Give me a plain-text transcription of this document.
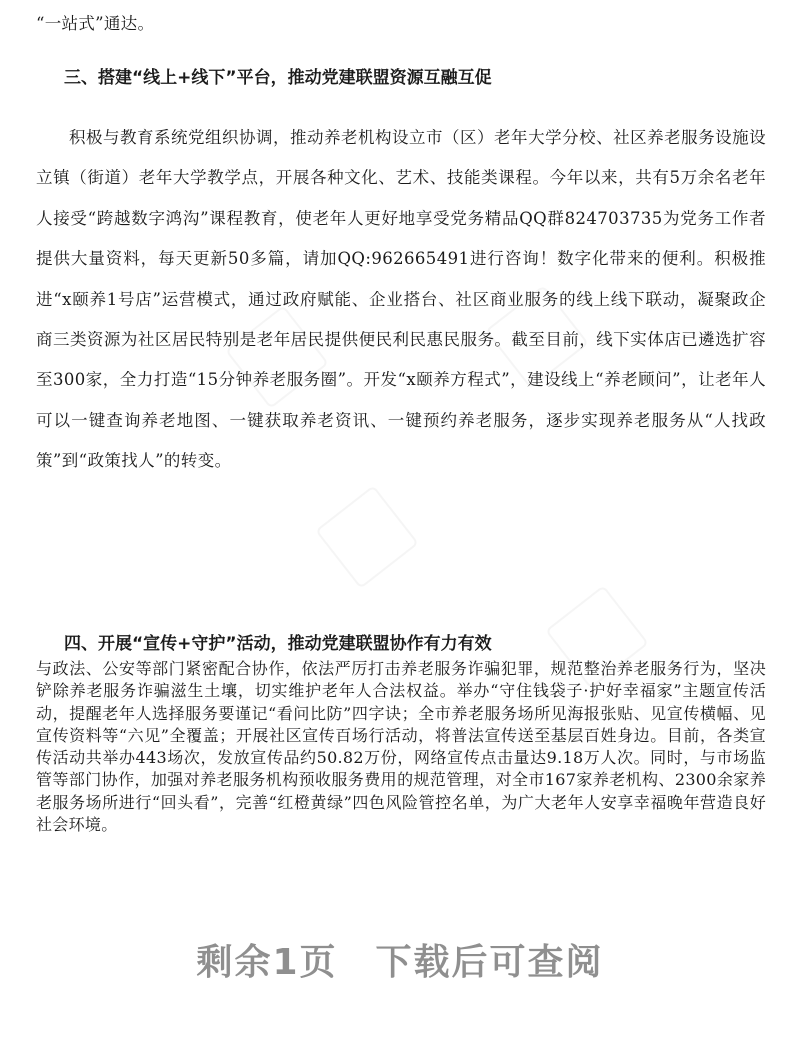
“一站式”通达。
三、搭建“线上+线下”平台，推动党建联盟资源互融互促

积极与教育系统党组织协调，推动养老机构设立市（区）老年大学分校、社区养老服务设施设立镇（街道）老年大学教学点，开展各种文化、艺术、技能类课程。今年以来，共有5万余名老年人接受“跨越数字鸿沟”课程教育，使老年人更好地享受党务精品QQ群824703735为党务工作者提供大量资料，每天更新50多篇，请加QQ:962665491进行咨询！数字化带来的便利。积极推进“x颐养1号店”运营模式，通过政府赋能、企业搭台、社区商业服务的线上线下联动，凝聚政企商三类资源为社区居民特别是老年居民提供便民利民惠民服务。截至目前，线下实体店已遴选扩容至300家，全力打造“15分钟养老服务圈”。开发“x颐养方程式”，建设线上“养老顾问”，让老年人可以一键查询养老地图、一键获取养老资讯、一键预约养老服务，逐步实现养老服务从“人找政策”到“政策找人”的转变。

四、开展“宣传+守护”活动，推动党建联盟协作有力有效

与政法、公安等部门紧密配合协作，依法严厉打击养老服务诈骗犯罪，规范整治养老服务行为，坚决铲除养老服务诈骗滋生土壤，切实维护老年人合法权益。举办“守住钱袋子·护好幸福家”主题宣传活动，提醒老年人选择服务要谨记“看问比防”四字诀；全市养老服务场所见海报张贴、见宣传横幅、见宣传资料等“六见”全覆盖；开展社区宣传百场行活动，将普法宣传送至基层百姓身边。目前，各类宣传活动共举办443场次，发放宣传品约50.82万份，网络宣传点击量达9.18万人次。同时，与市场监管等部门协作，加强对养老服务机构预收服务费用的规范管理，对全市167家养老机构、2300余家养老服务场所进行“回头看”，完善“红橙黄绿”四色风险管控名单，为广大老年人安享幸福晚年营造良好社会环境。

剩余1页　下载后可查阅
